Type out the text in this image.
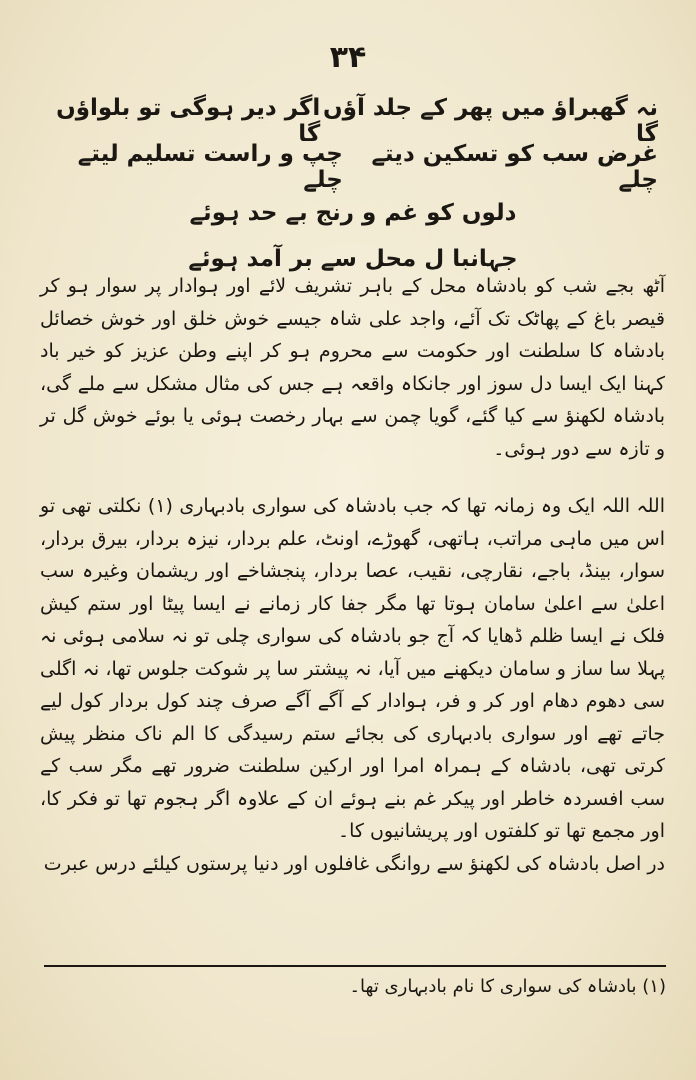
۳۴
نہ گھبراؤ میں پھر کے جلد آؤں گا
اگر دیر ہوگی تو بلواؤں گا
غرض سب کو تسکین دیتے چلے
چپ و راست تسلیم لیتے چلے
دلوں کو غم و رنج بے حد ہوئے
جہانبا ل محل سے بر آمد ہوئے

آٹھ بجے شب کو بادشاہ محل کے باہر تشریف لائے اور ہوادار پر سوار ہو کر قیصر باغ کے پھاٹک تک آئے، واجد علی شاہ جیسے خوش خلق اور خوش خصائل بادشاہ کا سلطنت اور حکومت سے محروم ہو کر اپنے وطن عزیز کو خیر باد کہنا ایک ایسا دل سوز اور جانکاہ واقعہ ہے جس کی مثال مشکل سے ملے گی، بادشاہ لکھنؤ سے کیا گئے، گویا چمن سے بہار رخصت ہوئی یا بوئے خوش گل تر و تازہ سے دور ہوئی۔

اللہ اللہ ایک وہ زمانہ تھا کہ جب بادشاہ کی سواری بادبہاری (۱) نکلتی تھی تو اس میں ماہی مراتب، ہاتھی، گھوڑے، اونٹ، علم بردار، نیزہ بردار، بیرق بردار، سوار، بینڈ، باجے، نقارچی، نقیب، عصا بردار، پنجشاخے اور ریشمان وغیرہ سب اعلیٰ سے اعلیٰ سامان ہوتا تھا مگر جفا کار زمانے نے ایسا پیٹا اور ستم کیش فلک نے ایسا ظلم ڈھایا کہ آج جو بادشاہ کی سواری چلی تو نہ سلامی ہوئی نہ پہلا سا ساز و سامان دیکھنے میں آیا، نہ پیشتر سا پر شوکت جلوس تھا، نہ اگلی سی دھوم دھام اور کر و فر، ہوادار کے آگے آگے صرف چند کول بردار کول لیے جاتے تھے اور سواری بادبہاری کی بجائے ستم رسیدگی کا الم ناک منظر پیش کرتی تھی، بادشاہ کے ہمراہ امرا اور ارکین سلطنت ضرور تھے مگر سب کے سب افسردہ خاطر اور پیکر غم بنے ہوئے ان کے علاوہ اگر ہجوم تھا تو فکر کا، اور مجمع تھا تو کلفتوں اور پریشانیوں کا۔

در اصل بادشاہ کی لکھنؤ سے روانگی غافلوں اور دنیا پرستوں کیلئے درس عبرت

(۱) بادشاہ کی سواری کا نام بادبہاری تھا۔
